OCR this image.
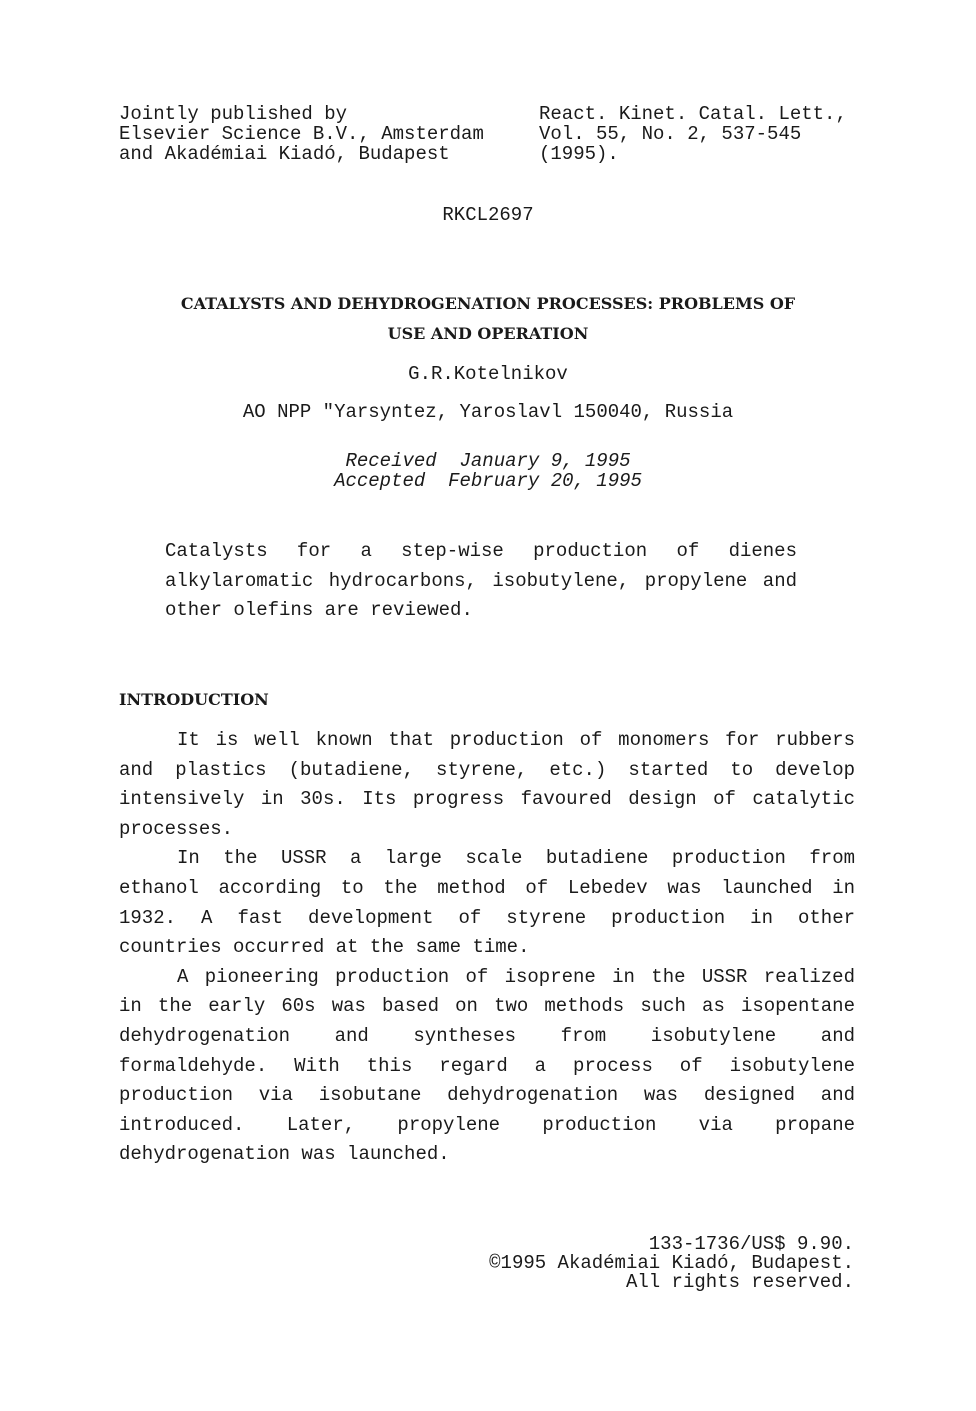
Jointly published by
Elsevier Science B.V., Amsterdam
and Akadémiai Kiadó, Budapest
React. Kinet. Catal. Lett.,
Vol. 55, No. 2, 537-545
(1995).
RKCL2697
CATALYSTS AND DEHYDROGENATION PROCESSES: PROBLEMS OF
USE AND OPERATION
G.R.Kotelnikov
AO NPP "Yarsyntez, Yaroslavl 150040, Russia
Received  January 9, 1995
Accepted  February 20, 1995
Catalysts for a step-wise production of dienes
alkylaromatic hydrocarbons, isobutylene, propylene and
other olefins are reviewed.
INTRODUCTION
It is well known that production of monomers for rubbers
and plastics (butadiene, styrene, etc.) started to develop
intensively in 30s. Its progress favoured design of catalytic
processes.
In the USSR a large scale butadiene production from
ethanol according to the method of Lebedev was launched in
1932. A fast development of styrene production in other
countries occurred at the same time.
A pioneering production of isoprene in the USSR realized
in the early 60s was based on two methods such as isopentane
dehydrogenation and syntheses from isobutylene and
formaldehyde. With this regard a process of isobutylene
production via isobutane dehydrogenation was designed and
introduced. Later, propylene production via propane
dehydrogenation was launched.
133-1736/US$ 9.90.
©1995 Akadémiai Kiadó, Budapest.
All rights reserved.
